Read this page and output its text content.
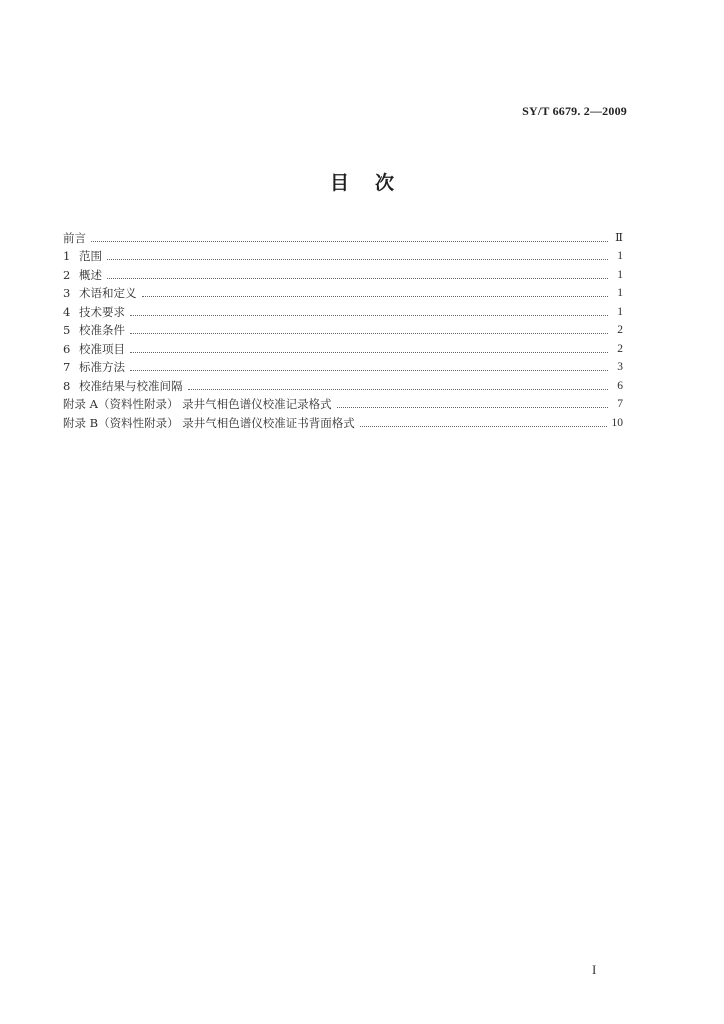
SY/T 6679. 2—2009
目次
前言	Ⅱ
1 范围	1
2 概述	1
3 术语和定义	1
4 技术要求	1
5 校准条件	2
6 校准项目	2
7 标准方法	3
8 校准结果与校准间隔	6
附录 A（资料性附录） 录井气相色谱仪校准记录格式	7
附录 B（资料性附录） 录井气相色谱仪校准证书背面格式	10
I
